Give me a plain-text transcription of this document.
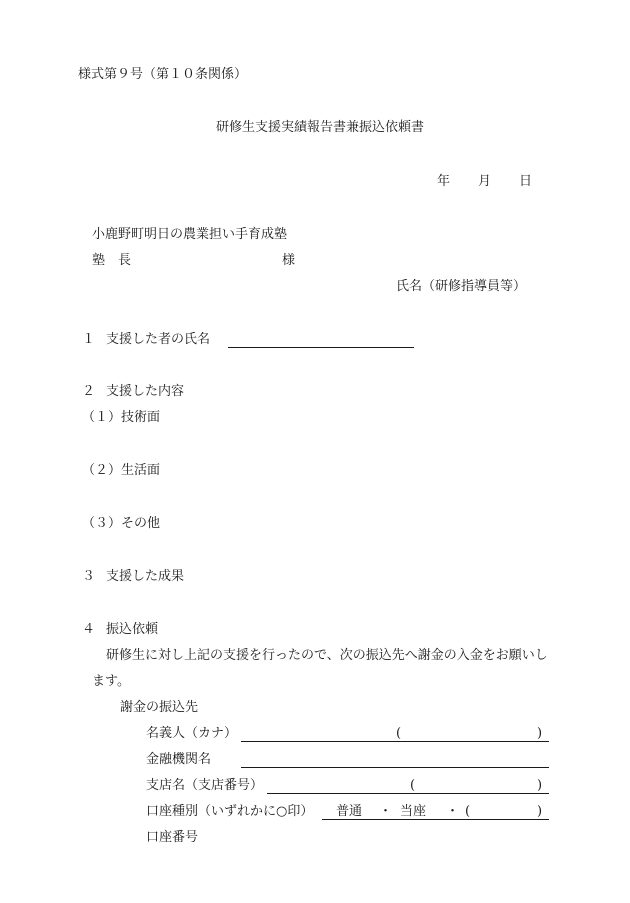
様式第９号（第１０条関係）
研修生支援実績報告書兼振込依頼書
年 月 日
小鹿野町明日の農業担い手育成塾
塾　長	様
氏名（研修指導員等）
１ 支援した者の氏名
２ 支援した内容
（１）技術面
（２）生活面
（３）その他
３ 支援した成果
４ 振込依頼
研修生に対し上記の支援を行ったので、次の振込先へ謝金の入金をお願いし
ます。
謝金の振込先
名義人（カナ）	(	)
金融機関名
支店名（支店番号）	(	)
口座種別（いずれかに○印） 普通 ・ 当座 ・ (	)
口座番号
